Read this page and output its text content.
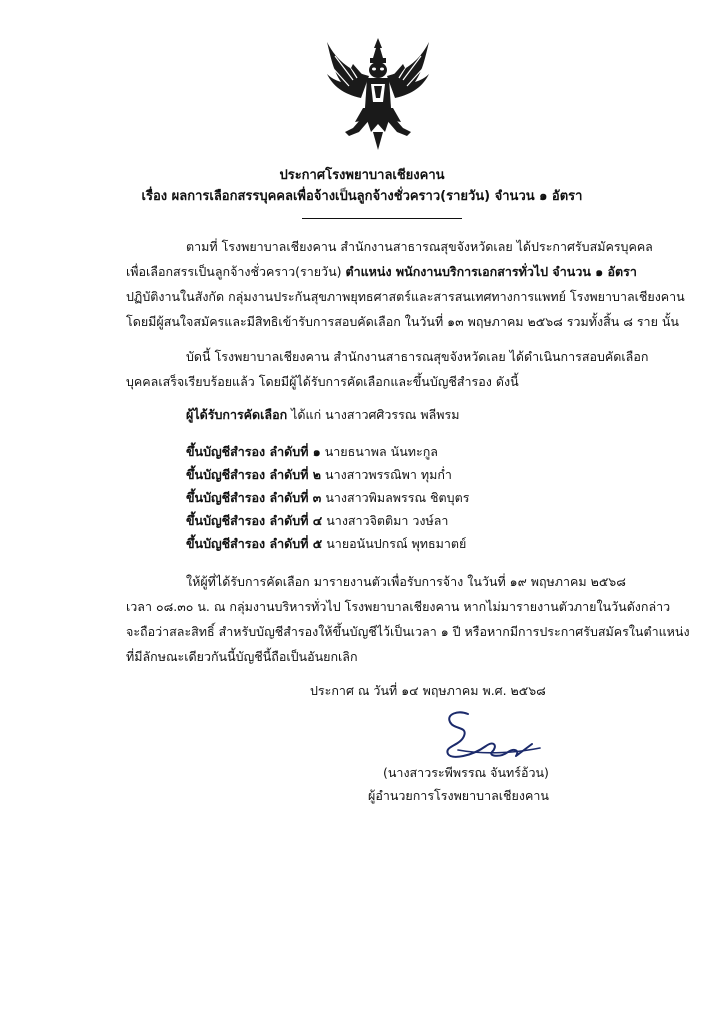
ประกาศโรงพยาบาลเชียงคาน
เรื่อง ผลการเลือกสรรบุคคลเพื่อจ้างเป็นลูกจ้างชั่วคราว(รายวัน) จำนวน ๑ อัตรา
ตามที่ โรงพยาบาลเชียงคาน สำนักงานสาธารณสุขจังหวัดเลย ได้ประกาศรับสมัครบุคคล
เพื่อเลือกสรรเป็นลูกจ้างชั่วคราว(รายวัน) ตำแหน่ง พนักงานบริการเอกสารทั่วไป จำนวน ๑ อัตรา
ปฏิบัติงานในสังกัด กลุ่มงานประกันสุขภาพยุทธศาสตร์และสารสนเทศทางการแพทย์ โรงพยาบาลเชียงคาน
โดยมีผู้สนใจสมัครและมีสิทธิเข้ารับการสอบคัดเลือก ในวันที่ ๑๓ พฤษภาคม ๒๕๖๘ รวมทั้งสิ้น ๘ ราย นั้น
บัดนี้ โรงพยาบาลเชียงคาน สำนักงานสาธารณสุขจังหวัดเลย ได้ดำเนินการสอบคัดเลือก
บุคคลเสร็จเรียบร้อยแล้ว โดยมีผู้ได้รับการคัดเลือกและขึ้นบัญชีสำรอง ดังนี้
ผู้ได้รับการคัดเลือก ได้แก่ นางสาวศศิวรรณ พลีพรม
ขึ้นบัญชีสำรอง ลำดับที่ ๑ นายธนาพล นันทะกูล
ขึ้นบัญชีสำรอง ลำดับที่ ๒ นางสาวพรรณิพา ทุมก่ำ
ขึ้นบัญชีสำรอง ลำดับที่ ๓ นางสาวพิมลพรรณ ชิตบุตร
ขึ้นบัญชีสำรอง ลำดับที่ ๔ นางสาวจิตติมา วงษ์ลา
ขึ้นบัญชีสำรอง ลำดับที่ ๕ นายอนันปกรณ์ พุทธมาตย์
ให้ผู้ที่ได้รับการคัดเลือก มารายงานตัวเพื่อรับการจ้าง ในวันที่ ๑๙ พฤษภาคม ๒๕๖๘
เวลา ๐๘.๓๐ น. ณ กลุ่มงานบริหารทั่วไป โรงพยาบาลเชียงคาน หากไม่มารายงานตัวภายในวันดังกล่าว
จะถือว่าสละสิทธิ์ สำหรับบัญชีสำรองให้ขึ้นบัญชีไว้เป็นเวลา ๑ ปี หรือหากมีการประกาศรับสมัครในตำแหน่ง
ที่มีลักษณะเดียวกันนี้บัญชีนี้ถือเป็นอันยกเลิก
ประกาศ ณ วันที่ ๑๔ พฤษภาคม พ.ศ. ๒๕๖๘
(นางสาวระพีพรรณ จันทร์อ้วน)
ผู้อำนวยการโรงพยาบาลเชียงคาน
